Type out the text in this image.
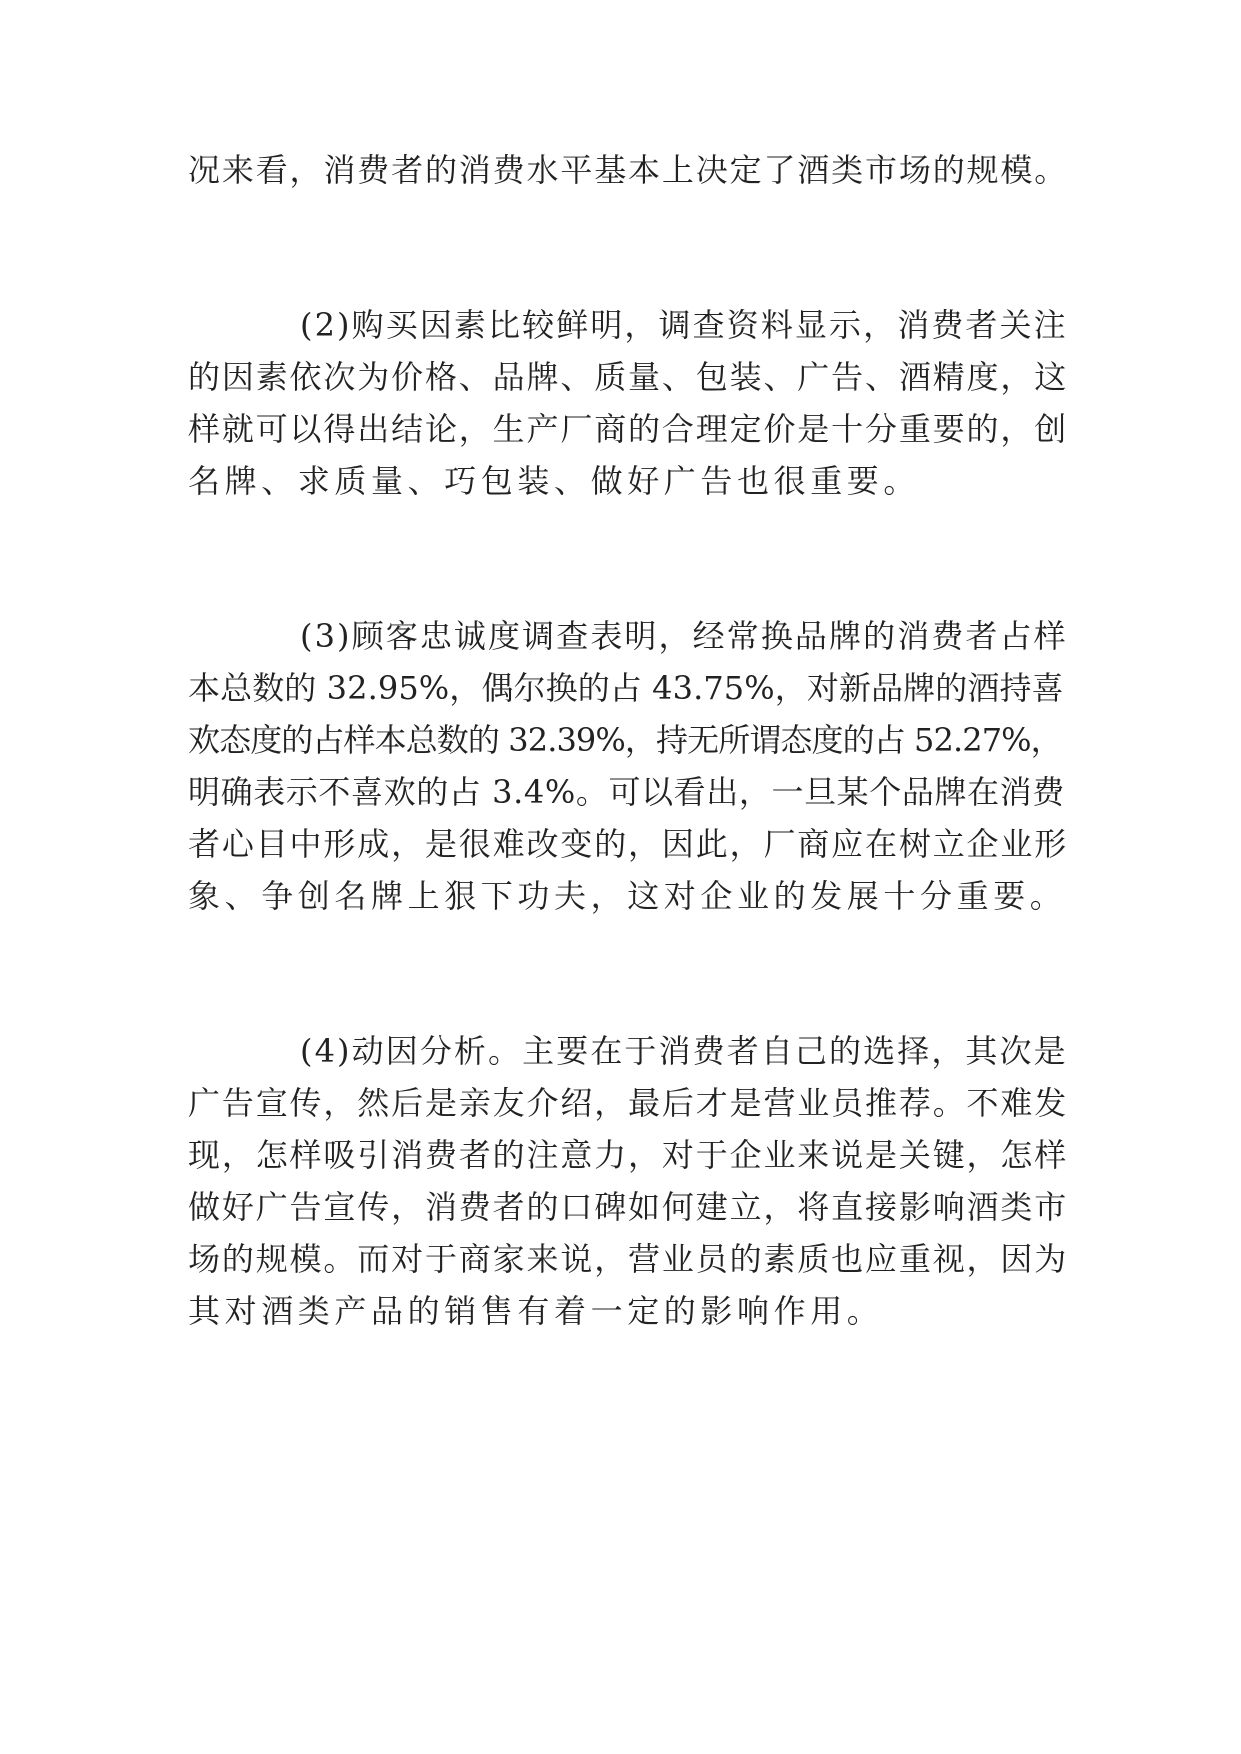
况来看，消费者的消费水平基本上决定了酒类市场的规模。
(2)购买因素比较鲜明，调查资料显示，消费者关注
的因素依次为价格、品牌、质量、包装、广告、酒精度，这
样就可以得出结论，生产厂商的合理定价是十分重要的，创
名牌、求质量、巧包装、做好广告也很重要。
(3)顾客忠诚度调查表明，经常换品牌的消费者占样
本总数的 32.95%，偶尔换的占 43.75%，对新品牌的酒持喜
欢态度的占样本总数的 32.39%，持无所谓态度的占 52.27%，
明确表示不喜欢的占 3.4%。可以看出，一旦某个品牌在消费
者心目中形成，是很难改变的，因此，厂商应在树立企业形
象、争创名牌上狠下功夫，这对企业的发展十分重要。
(4)动因分析。主要在于消费者自己的选择，其次是
广告宣传，然后是亲友介绍，最后才是营业员推荐。不难发
现，怎样吸引消费者的注意力，对于企业来说是关键，怎样
做好广告宣传，消费者的口碑如何建立，将直接影响酒类市
场的规模。而对于商家来说，营业员的素质也应重视，因为
其对酒类产品的销售有着一定的影响作用。
